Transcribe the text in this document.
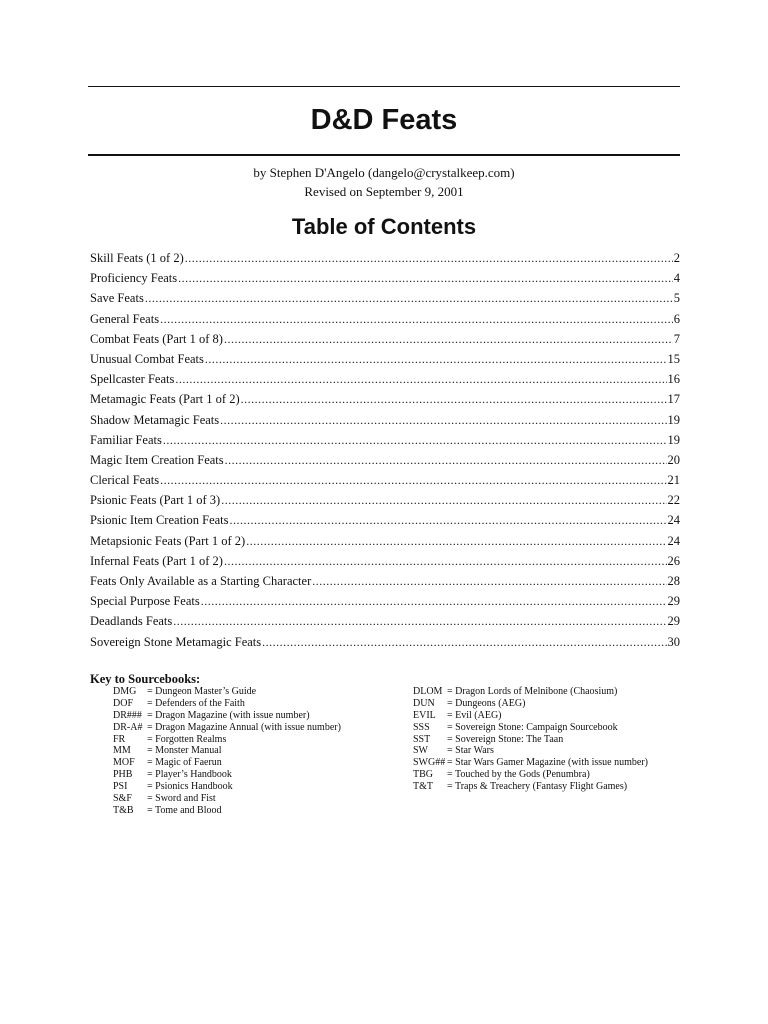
D&D Feats
by Stephen D'Angelo (dangelo@crystalkeep.com)
Revised on September 9, 2001
Table of Contents
Skill Feats (1 of 2) .....	2
Proficiency Feats .....	4
Save Feats .....	5
General Feats .....	6
Combat Feats (Part 1 of 8) .....	7
Unusual Combat Feats .....	15
Spellcaster Feats .....	16
Metamagic Feats (Part 1 of 2) .....	17
Shadow Metamagic Feats .....	19
Familiar Feats .....	19
Magic Item Creation Feats .....	20
Clerical Feats .....	21
Psionic Feats (Part 1 of 3) .....	22
Psionic Item Creation Feats .....	24
Metapsionic Feats (Part 1 of 2) .....	24
Infernal Feats (Part 1 of 2) .....	26
Feats Only Available as a Starting Character .....	28
Special Purpose Feats .....	29
Deadlands Feats .....	29
Sovereign Stone Metamagic Feats .....	30
Key to Sourcebooks:
DMG	= Dungeon Master’s Guide
DOF	= Defenders of the Faith
DR### = Dragon Magazine (with issue number)
DR-A# = Dragon Magazine Annual (with issue number)
FR	= Forgotten Realms
MM	= Monster Manual
MOF	= Magic of Faerun
PHB	= Player’s Handbook
PSI	= Psionics Handbook
S&F	= Sword and Fist
T&B	= Tome and Blood
DLOM = Dragon Lords of Melnibone (Chaosium)
DUN	= Dungeons (AEG)
EVIL	= Evil (AEG)
SSS	= Sovereign Stone: Campaign Sourcebook
SST	= Sovereign Stone: The Taan
SW	= Star Wars
SWG## = Star Wars Gamer Magazine (with issue number)
TBG	= Touched by the Gods (Penumbra)
T&T	= Traps & Treachery (Fantasy Flight Games)
